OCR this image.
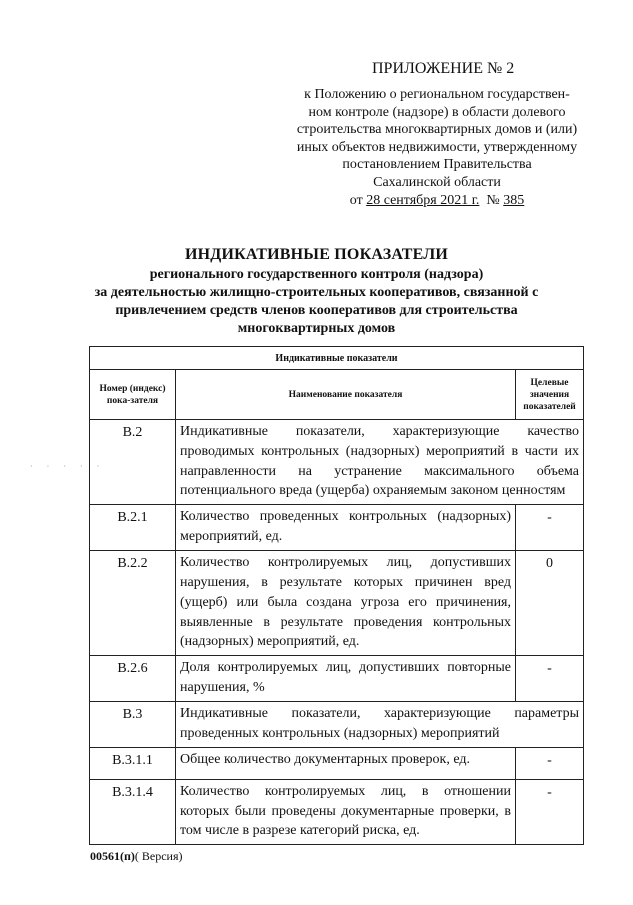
ПРИЛОЖЕНИЕ № 2
к Положению о региональном государствен-
ном контроле (надзоре) в области долевого
строительства многоквартирных домов и (или)
иных объектов недвижимости, утвержденному
постановлением Правительства
Сахалинской области
от 28 сентября 2021 г. № 385
ИНДИКАТИВНЫЕ ПОКАЗАТЕЛИ
регионального государственного контроля (надзора)
за деятельностью жилищно-строительных кооперативов, связанной с
привлечением средств членов кооперативов для строительства
многоквартирных домов
· · · · ·
Индикативные показатели		
Номер (индекс) пока-зателя	Наименование показателя	Целевые значения показателей
В.2	Индикативные показатели, характеризующие качество проводимых контрольных (надзорных) мероприятий в части их направленности на устранение максимального объема потенциального вреда (ущерба) охраняемым законом ценностям	
В.2.1	Количество проведенных контрольных (надзорных) мероприятий, ед.	-
В.2.2	Количество контролируемых лиц, допустивших нарушения, в результате которых причинен вред (ущерб) или была создана угроза его причинения, выявленные в результате проведения контрольных (надзорных) мероприятий, ед.	0
В.2.6	Доля контролируемых лиц, допустивших повторные нарушения, %	-
В.3	Индикативные показатели, характеризующие параметры проведенных контрольных (надзорных) мероприятий	
В.3.1.1	Общее количество документарных проверок, ед.	-
В.3.1.4	Количество контролируемых лиц, в отношении которых были проведены документарные проверки, в том числе в разрезе категорий риска, ед.	-
00561(п)( Версия)
